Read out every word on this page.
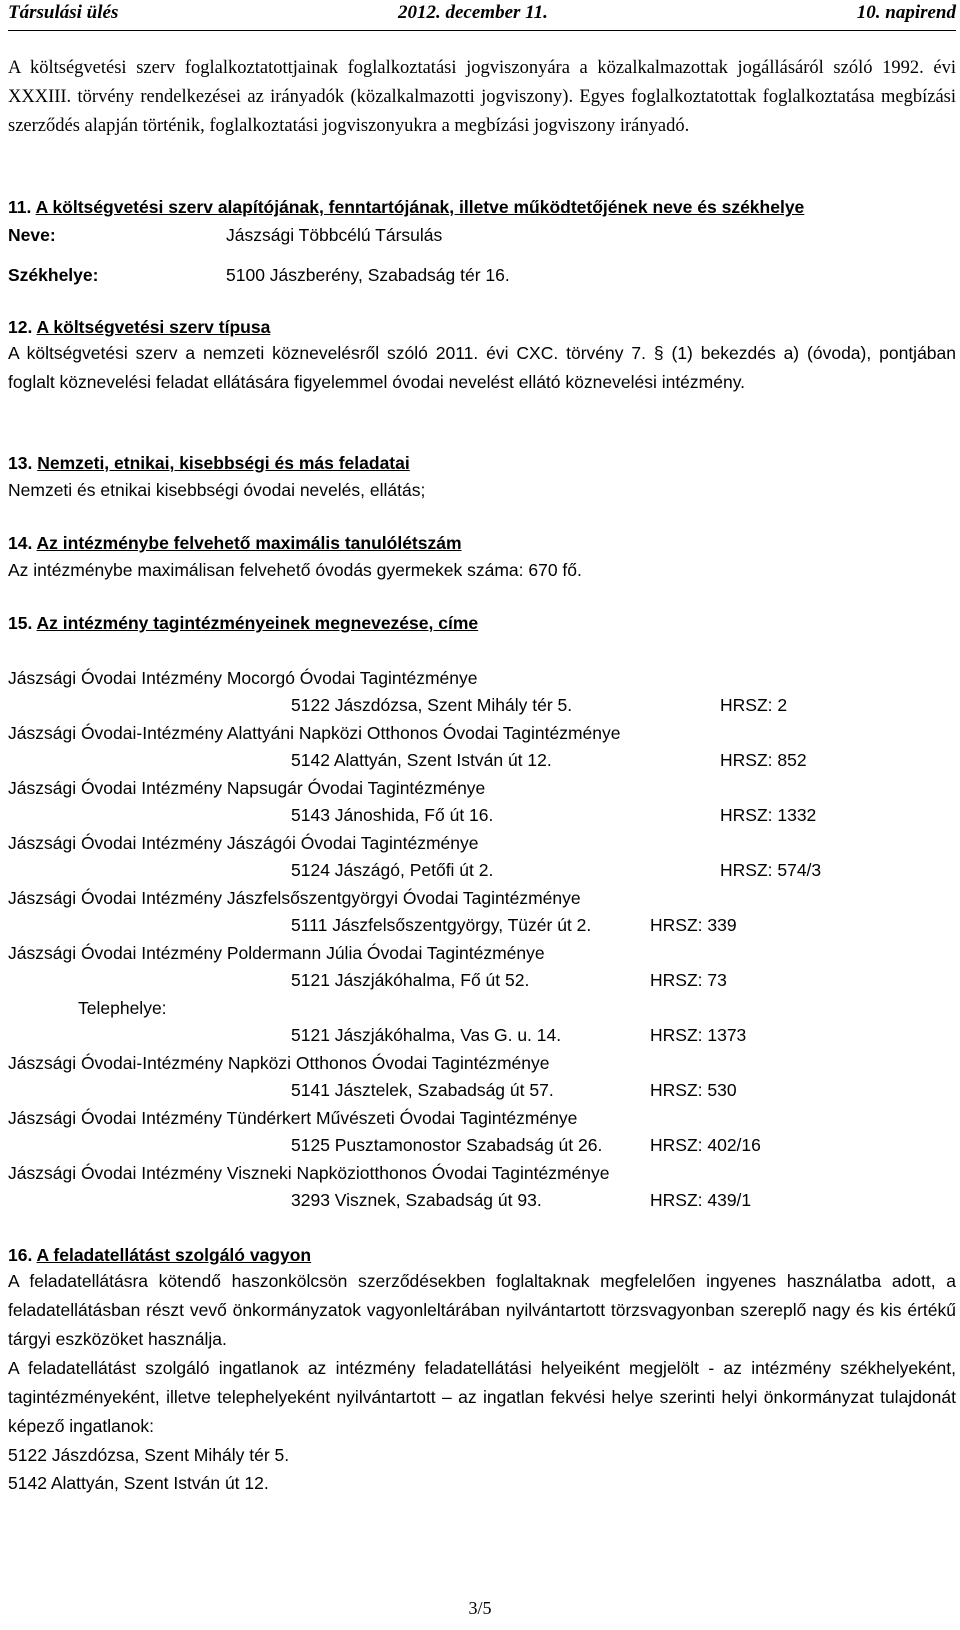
Társulási ülés	2012. december 11.	10. napirend
A költségvetési szerv foglalkoztatottjainak foglalkoztatási jogviszonyára a közalkalmazottak jogállásáról szóló 1992. évi XXXIII. törvény rendelkezései az irányadók (közalkalmazotti jogviszony). Egyes foglalkoztatottak foglalkoztatása megbízási szerződés alapján történik, foglalkoztatási jogviszonyukra a megbízási jogviszony irányadó.
11. A költségvetési szerv alapítójának, fenntartójának, illetve működtetőjének neve és székhelye
Neve:	Jászsági Többcélú Társulás
Székhelye:	5100 Jászberény, Szabadság tér 16.
12. A költségvetési szerv típusa
A költségvetési szerv a nemzeti köznevelésről szóló 2011. évi CXC. törvény 7. § (1) bekezdés a) (óvoda), pontjában foglalt köznevelési feladat ellátására figyelemmel óvodai nevelést ellátó köznevelési intézmény.
13. Nemzeti, etnikai, kisebbségi és más feladatai
Nemzeti és etnikai kisebbségi óvodai nevelés, ellátás;
14. Az intézménybe felvehető maximális tanulólétszám
Az intézménybe maximálisan felvehető óvodás gyermekek száma: 670 fő.
15. Az intézmény tagintézményeinek megnevezése, címe
Jászsági Óvodai Intézmény Mocorgó Óvodai Tagintézménye
5122 Jászdózsa, Szent Mihály tér 5.	HRSZ: 2
Jászsági Óvodai-Intézmény Alattyáni Napközi Otthonos Óvodai Tagintézménye
5142 Alattyán, Szent István út 12.	HRSZ: 852
Jászsági Óvodai Intézmény Napsugár Óvodai Tagintézménye
5143 Jánoshida, Fő út 16.	HRSZ: 1332
Jászsági Óvodai Intézmény Jászágói Óvodai Tagintézménye
5124 Jászágó, Petőfi út 2.	HRSZ: 574/3
Jászsági Óvodai Intézmény Jászfelsőszentgyörgyi Óvodai Tagintézménye
5111 Jászfelsőszentgyörgy, Tüzér út 2.	HRSZ: 339
Jászsági Óvodai Intézmény Poldermann Júlia Óvodai Tagintézménye
5121 Jászjákóhalma, Fő út 52.	HRSZ: 73
Telephelye:
5121 Jászjákóhalma, Vas G. u. 14.	HRSZ: 1373
Jászsági Óvodai-Intézmény Napközi Otthonos Óvodai Tagintézménye
5141 Jásztelek, Szabadság út 57.	HRSZ: 530
Jászsági Óvodai Intézmény Tündérkert Művészeti Óvodai Tagintézménye
5125 Pusztamonostor Szabadság út 26.	HRSZ: 402/16
Jászsági Óvodai Intézmény Viszneki Napköziotthonos Óvodai Tagintézménye
3293 Visznek, Szabadság út 93.	HRSZ: 439/1
16. A feladatellátást szolgáló vagyon
A feladatellátásra kötendő haszonkölcsön szerződésekben foglaltaknak megfelelően ingyenes használatba adott, a feladatellátásban részt vevő önkormányzatok vagyonleltárában nyilvántartott törzsvagyonban szereplő nagy és kis értékű tárgyi eszközöket használja.
A feladatellátást szolgáló ingatlanok az intézmény feladatellátási helyeiként megjelölt - az intézmény székhelyeként, tagintézményeként, illetve telephelyeként nyilvántartott – az ingatlan fekvési helye szerinti helyi önkormányzat tulajdonát képező ingatlanok:
5122 Jászdózsa, Szent Mihály tér 5.
5142 Alattyán, Szent István út 12.
3/5
